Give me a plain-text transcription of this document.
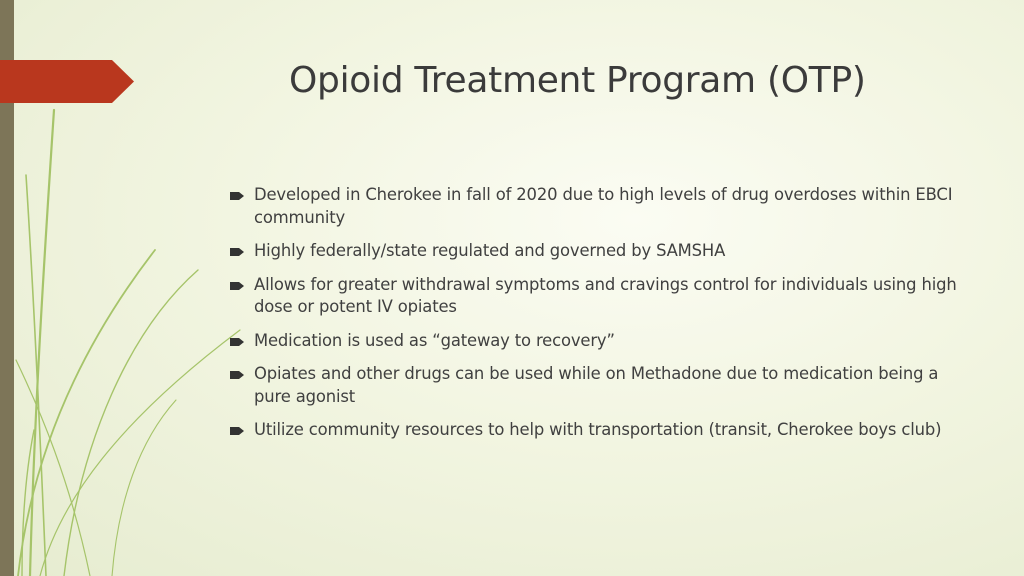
Opioid Treatment Program (OTP)
Developed in Cherokee in fall of 2020 due to high levels of drug overdoses within EBCI community
Highly federally/state regulated and governed by SAMSHA
Allows for greater withdrawal symptoms and cravings control for individuals using high dose or potent IV opiates
Medication is used as “gateway to recovery”
Opiates and other drugs can be used while on Methadone due to medication being a pure agonist
Utilize community resources to help with transportation (transit, Cherokee boys club)
